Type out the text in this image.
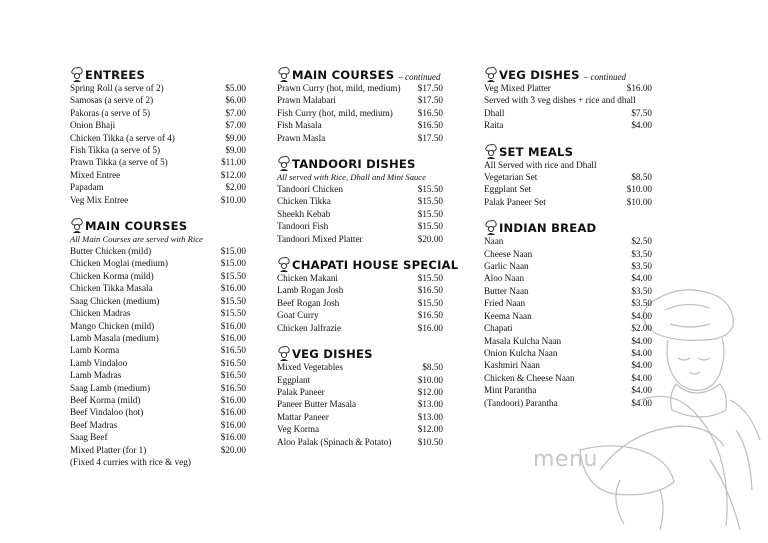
menu
ENTREES
Spring Roll (a serve of 2)	$5.00
Samosas (a serve of 2)	$6.00
Pakoras (a serve of 5)	$7.00
Onion Bhaji	$7.00
Chicken Tikka (a serve of 4)	$9.00
Fish Tikka (a serve of 5)	$9.00
Prawn Tikka (a serve of 5)	$11.00
Mixed Entree	$12.00
Papadam	$2.00
Veg Mix Entree	$10.00
MAIN COURSES
All Main Courses are served with Rice
Butter Chicken (mild)	$15.00
Chicken Moglai (medium)	$15.00
Chicken Korma (mild)	$15.50
Chicken Tikka Masala	$16.00
Saag Chicken (medium)	$15.50
Chicken Madras	$15.50
Mango Chicken (mild)	$16.00
Lamb Masala (medium)	$16.00
Lamb Korma	$16.50
Lamb Vindaloo	$16.50
Lamb Madras	$16.50
Saag Lamb (medium)	$16.50
Beef Korma (mild)	$16.00
Beef Vindaloo (hot)	$16.00
Beef Madras	$16.00
Saag Beef	$16.00
Mixed Platter (for 1)	$20.00
(Fixed 4 curries with rice & veg)
MAIN COURSES
– continued
Prawn Curry (hot, mild, medium) $17.50
Prawn Malabari	$17.50
Fish Curry (hot, mild, medium)	$16.50
Fish Masala	$16.50
Prawn Masla	$17.50
TANDOORI DISHES
All served with Rice, Dhall and Mint Sauce
Tandoori Chicken	$15.50
Chicken Tikka	$15.50
Sheekh Kebab	$15.50
Tandoori Fish	$15.50
Tandoori Mixed Platter	$20.00
CHAPATI HOUSE SPECIAL
Chicken Makani	$15.50
Lamb Rogan Josh	$16.50
Beef Rogan Josh	$15.50
Goat Curry	$16.50
Chicken Jalfrazie	$16.00
VEG DISHES
Mixed Vegetables	$8.50
Eggplant	$10.00
Palak Paneer	$12.00
Paneer Butter Masala	$13.00
Mattar Paneer	$13.00
Veg Korma	$12.00
Aloo Palak (Spinach & Potato)	$10.50
VEG DISHES
– continued
Veg Mixed Platter	$16.00
Served with 3 veg dishes + rice and dhall
Dhall	$7.50
Raita	$4.00
SET MEALS
All Served with rice and Dhall
Vegetarian Set	$8.50
Eggplant Set	$10.00
Palak Paneer Set	$10.00
INDIAN BREAD
Naan	$2.50
Cheese Naan	$3.50
Garlic Naan	$3.50
Aloo Naan	$4.00
Butter Naan	$3.50
Fried Naan	$3.50
Keema Naan	$4.00
Chapati	$2.00
Masala Kulcha Naan	$4.00
Onion Kulcha Naan	$4.00
Kashmiri Naan	$4.00
Chicken & Cheese Naan	$4.00
Mint Parantha	$4.00
(Tandoori) Parantha	$4.00
